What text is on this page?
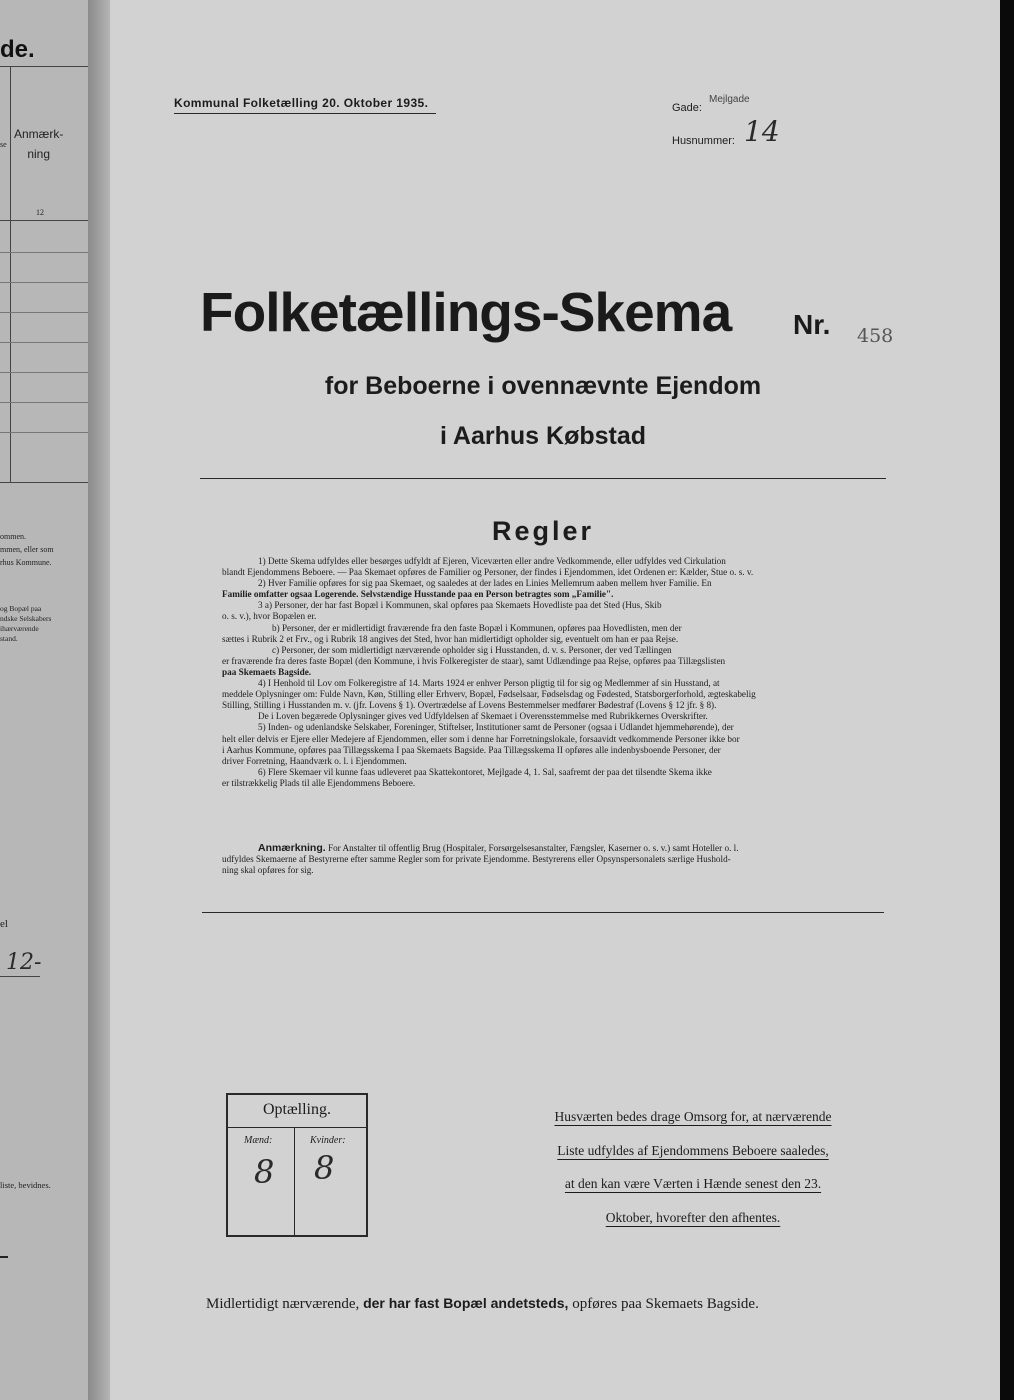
de.
se
Anmærk-
ning
12
ommen.
mmen, eller som
rhus Kommune.
og Bopæl paa
ndske Selskabers
ihærværende
stand.
el
12-
liste, bevidnes.
Kommunal Folketælling 20. Oktober 1935.	Gade:
Mejlgade
Husnummer: 14
Folketællings-Skema Nr. 458
for Beboerne i ovennævnte Ejendom
i Aarhus Købstad
Regler
1) Dette Skema udfyldes eller besørges udfyldt af Ejeren, Viceværten eller andre Vedkommende, eller udfyldes ved Cirkulation
blandt Ejendommens Beboere. — Paa Skemaet opføres de Familier og Personer, der findes i Ejendommen, idet Ordenen er: Kælder, Stue o. s. v.
2) Hver Familie opføres for sig paa Skemaet, og saaledes at der lades en Linies Mellemrum aaben mellem hver Familie. En
Familie omfatter ogsaa Logerende. Selvstændige Husstande paa en Person betragtes som „Familie".
3 a) Personer, der har fast Bopæl i Kommunen, skal opføres paa Skemaets Hovedliste paa det Sted (Hus, Skib
o. s. v.), hvor Bopælen er.
b) Personer, der er midlertidigt fraværende fra den faste Bopæl i Kommunen, opføres paa Hovedlisten, men der
sættes i Rubrik 2 et Frv., og i Rubrik 18 angives det Sted, hvor han midlertidigt opholder sig, eventuelt om han er paa Rejse.
c) Personer, der som midlertidigt nærværende opholder sig i Husstanden, d. v. s. Personer, der ved Tællingen
er fraværende fra deres faste Bopæl (den Kommune, i hvis Folkeregister de staar), samt Udlændinge paa Rejse, opføres paa Tillægslisten
paa Skemaets Bagside.
4) I Henhold til Lov om Folkeregistre af 14. Marts 1924 er enhver Person pligtig til for sig og Medlemmer af sin Husstand, at
meddele Oplysninger om: Fulde Navn, Køn, Stilling eller Erhverv, Bopæl, Fødselsaar, Fødselsdag og Fødested, Statsborgerforhold, ægteskabelig
Stilling, Stilling i Husstanden m. v. (jfr. Lovens § 1). Overtrædelse af Lovens Bestemmelser medfører Bødestraf (Lovens § 12 jfr. § 8).
De i Loven begærede Oplysninger gives ved Udfyldelsen af Skemaet i Overensstemmelse med Rubrikkernes Overskrifter.
5) Inden- og udenlandske Selskaber, Foreninger, Stiftelser, Institutioner samt de Personer (ogsaa i Udlandet hjemmehørende), der
helt eller delvis er Ejere eller Medejere af Ejendommen, eller som i denne har Forretningslokale, forsaavidt vedkommende Personer ikke bor
i Aarhus Kommune, opføres paa Tillægsskema I paa Skemaets Bagside. Paa Tillægsskema II opføres alle indenbysboende Personer, der
driver Forretning, Haandværk o. l. i Ejendommen.
6) Flere Skemaer vil kunne faas udleveret paa Skattekontoret, Mejlgade 4, 1. Sal, saafremt der paa det tilsendte Skema ikke
er tilstrækkelig Plads til alle Ejendommens Beboere.
Anmærkning. For Anstalter til offentlig Brug (Hospitaler, Forsørgelsesanstalter, Fængsler, Kaserner o. s. v.) samt Hoteller o. l.
udfyldes Skemaerne af Bestyrerne efter samme Regler som for private Ejendomme. Bestyrerens eller Opsynspersonalets særlige Hushold-
ning skal opføres for sig.
Optælling.
Mænd:	Kvinder:
8 8
Husværten bedes drage Omsorg for, at nærværende
Liste udfyldes af Ejendommens Beboere saaledes,
at den kan være Værten i Hænde senest den 23.
Oktober, hvorefter den afhentes.
Midlertidigt nærværende, der har fast Bopæl andetsteds, opføres paa Skemaets Bagside.
